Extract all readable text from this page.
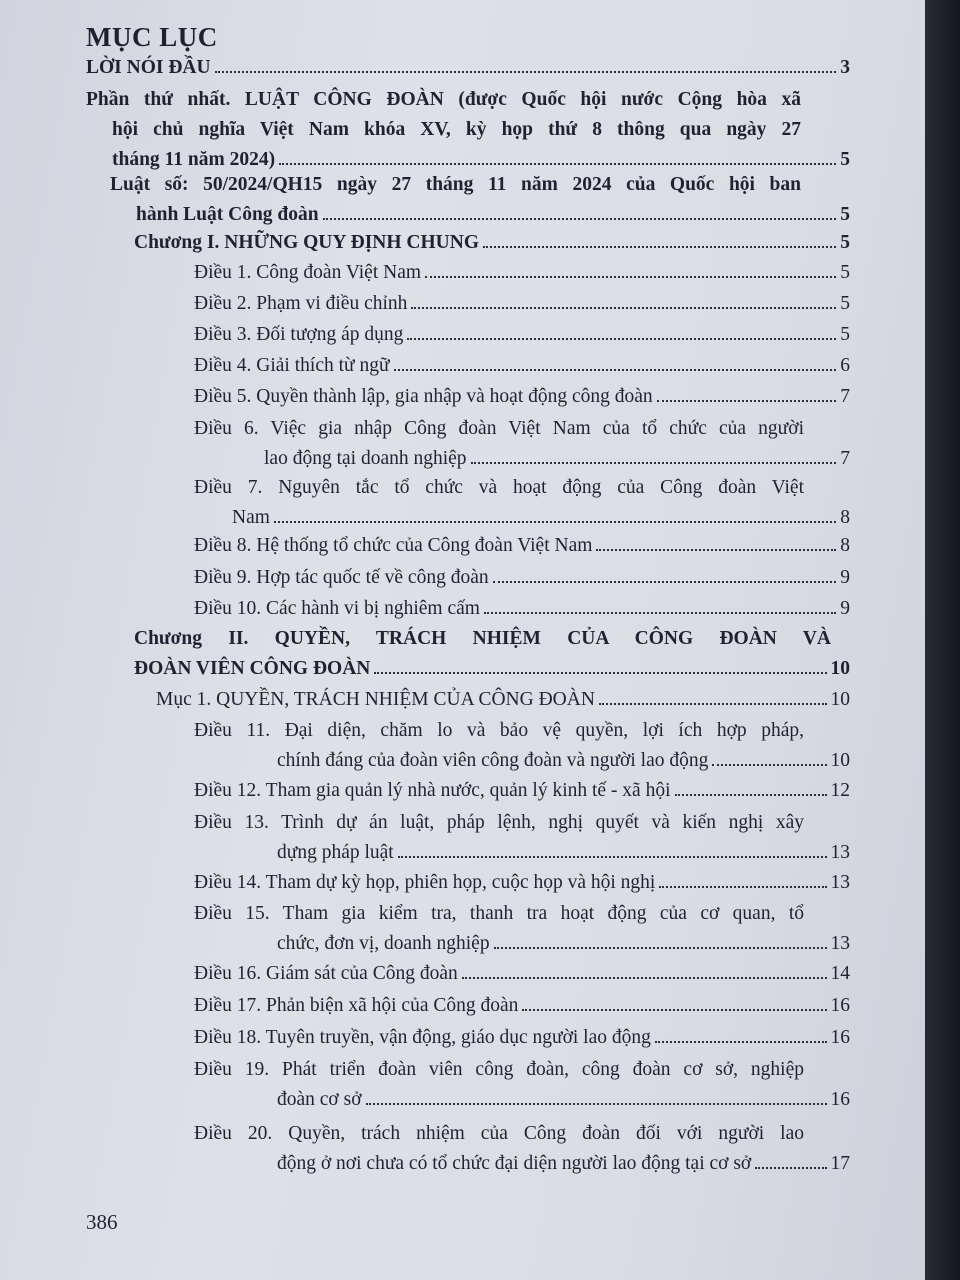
MỤC LỤC
LỜI NÓI ĐẦU	3
Phần thứ nhất. LUẬT CÔNG ĐOÀN (được Quốc hội nước Cộng hòa xã
hội chủ nghĩa Việt Nam khóa XV, kỳ họp thứ 8 thông qua ngày 27
tháng 11 năm 2024)	5
Luật số: 50/2024/QH15 ngày 27 tháng 11 năm 2024 của Quốc hội ban
hành Luật Công đoàn	5
Chương I. NHỮNG QUY ĐỊNH CHUNG	5
Điều 1. Công đoàn Việt Nam	5
Điều 2. Phạm vi điều chỉnh	5
Điều 3. Đối tượng áp dụng	5
Điều 4. Giải thích từ ngữ	6
Điều 5. Quyền thành lập, gia nhập và hoạt động công đoàn	7
Điều 6. Việc gia nhập Công đoàn Việt Nam của tổ chức của người
lao động tại doanh nghiệp	7
Điều 7. Nguyên tắc tổ chức và hoạt động của Công đoàn Việt
Nam	8
Điều 8. Hệ thống tổ chức của Công đoàn Việt Nam	8
Điều 9. Hợp tác quốc tế về công đoàn	9
Điều 10. Các hành vi bị nghiêm cấm	9
Chương II. QUYỀN, TRÁCH NHIỆM CỦA CÔNG ĐOÀN VÀ
ĐOÀN VIÊN CÔNG ĐOÀN	10
Mục 1. QUYỀN, TRÁCH NHIỆM CỦA CÔNG ĐOÀN	10
Điều 11. Đại diện, chăm lo và bảo vệ quyền, lợi ích hợp pháp,
chính đáng của đoàn viên công đoàn và người lao động	10
Điều 12. Tham gia quản lý nhà nước, quản lý kinh tế - xã hội	12
Điều 13. Trình dự án luật, pháp lệnh, nghị quyết và kiến nghị xây
dựng pháp luật	13
Điều 14. Tham dự kỳ họp, phiên họp, cuộc họp và hội nghị	13
Điều 15. Tham gia kiểm tra, thanh tra hoạt động của cơ quan, tổ
chức, đơn vị, doanh nghiệp	13
Điều 16. Giám sát của Công đoàn	14
Điều 17. Phản biện xã hội của Công đoàn	16
Điều 18. Tuyên truyền, vận động, giáo dục người lao động	16
Điều 19. Phát triển đoàn viên công đoàn, công đoàn cơ sở, nghiệp
đoàn cơ sở	16
Điều 20. Quyền, trách nhiệm của Công đoàn đối với người lao
động ở nơi chưa có tổ chức đại diện người lao động tại cơ sở	17
386
